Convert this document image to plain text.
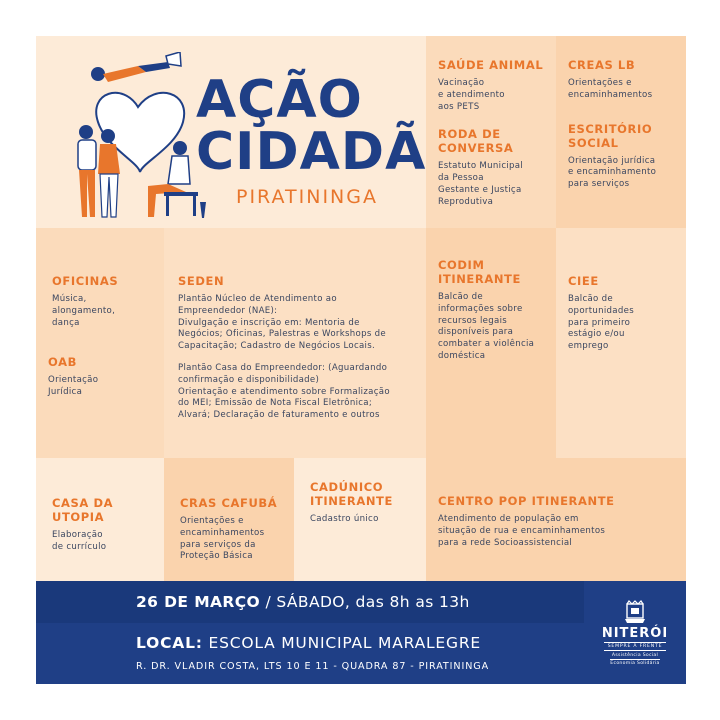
AÇÃO
CIDADÃ
PIRATININGA
SAÚDE ANIMAL
Vacinação
e atendimento
aos PETS
RODA DE
CONVERSA
Estatuto Municipal
da Pessoa
Gestante e Justiça
Reprodutiva
CREAS LB
Orientações e
encaminhamentos
ESCRITÓRIO
SOCIAL
Orientação jurídica
e encaminhamento
para serviços
OFICINAS
Música,
alongamento,
dança
OAB
Orientação
Jurídica
SEDEN
Plantão Núcleo de Atendimento ao
Empreendedor (NAE):
Divulgação e inscrição em: Mentoria de
Negócios; Oficinas, Palestras e Workshops de
Capacitação; Cadastro de Negócios Locais.
Plantão Casa do Empreendedor: (Aguardando
confirmação e disponibilidade)
Orientação e atendimento sobre Formalização
do MEI; Emissão de Nota Fiscal Eletrônica;
Alvará; Declaração de faturamento e outros
CODIM
ITINERANTE
Balcão de
informações sobre
recursos legais
disponíveis para
combater a violência
doméstica
CIEE
Balcão de
oportunidades
para primeiro
estágio e/ou
emprego
CASA DA UTOPIA
Elaboração
de currículo
CRAS CAFUBÁ
Orientações e
encaminhamentos
para serviços da
Proteção Básica
CADÚNICO
ITINERANTE
Cadastro único
CENTRO POP ITINERANTE
Atendimento de população em
situação de rua e encaminhamentos
para a rede Socioassistencial
26 DE MARÇO / SÁBADO, das 8h as 13h
LOCAL: ESCOLA MUNICIPAL MARALEGRE
R. DR. VLADIR COSTA, LTS 10 E 11 - QUADRA 87 - PIRATININGA
NITERÓI
SEMPRE À FRENTE
Assistência Social
Economia Solidária
